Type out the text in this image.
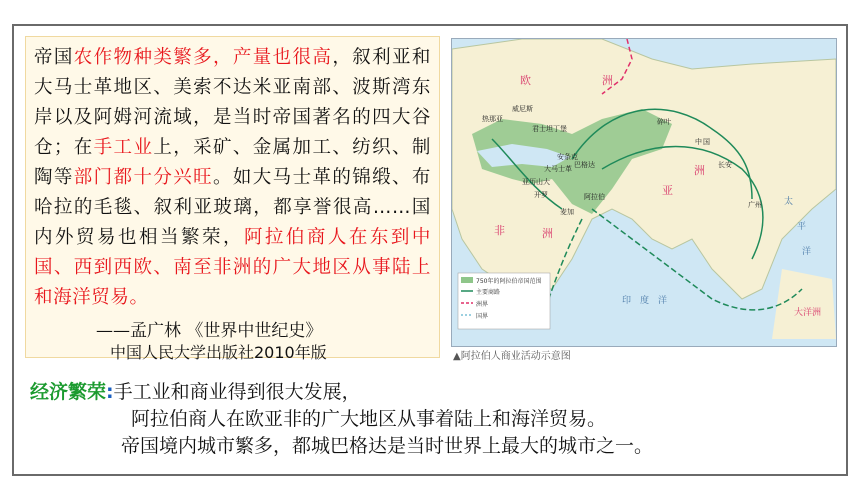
帝国农作物种类繁多，产量也很高，叙利亚和大马士革地区、美索不达米亚南部、波斯湾东岸以及阿姆河流域，是当时帝国著名的四大谷仓；在手工业上，采矿、金属加工、纺织、制陶等部门都十分兴旺。如大马士革的锦缎、布哈拉的毛毯、叙利亚玻璃，都享誉很高……国内外贸易也相当繁荣，阿拉伯商人在东到中国、西到西欧、南至非洲的广大地区从事陆上和海洋贸易。
——孟广林 《世界中世纪史》
中国人民大学出版社2010年版
750年的阿拉伯帝国范围
主要商路
洲界
国界
欧	洲
亚
洲
非	洲
大洋洲
威尼斯
热那亚
君士坦丁堡
碎叶
中 国
长安
安条克
大马士革 巴格达
亚历山大
开罗
麦加
阿拉伯
印 度 洋
太
平
洋
广州
▲阿拉伯人商业活动示意图
经济繁荣:手工业和商业得到很大发展，
阿拉伯商人在欧亚非的广大地区从事着陆上和海洋贸易。
帝国境内城市繁多，都城巴格达是当时世界上最大的城市之一。
